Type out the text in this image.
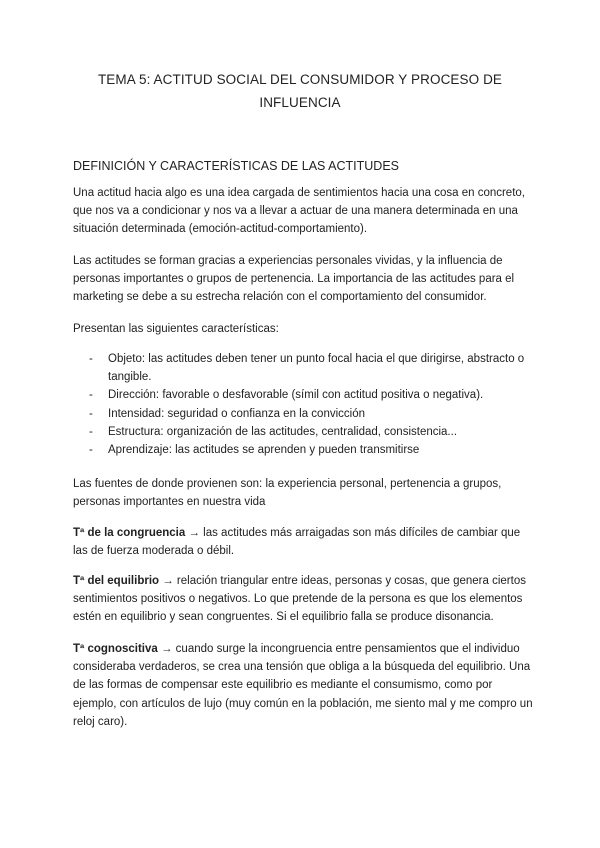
TEMA 5: ACTITUD SOCIAL DEL CONSUMIDOR Y PROCESO DE INFLUENCIA
DEFINICIÓN Y CARACTERÍSTICAS DE LAS ACTITUDES

Una actitud hacia algo es una idea cargada de sentimientos hacia una cosa en concreto, que nos va a condicionar y nos va a llevar a actuar de una manera determinada en una situación determinada (emoción-actitud-comportamiento).

Las actitudes se forman gracias a experiencias personales vividas, y la influencia de personas importantes o grupos de pertenencia. La importancia de las actitudes para el marketing se debe a su estrecha relación con el comportamiento del consumidor.

Presentan las siguientes características:

- Objeto: las actitudes deben tener un punto focal hacia el que dirigirse, abstracto o tangible.
- Dirección: favorable o desfavorable (símil con actitud positiva o negativa).
- Intensidad: seguridad o confianza en la convicción
- Estructura: organización de las actitudes, centralidad, consistencia...
- Aprendizaje: las actitudes se aprenden y pueden transmitirse

Las fuentes de donde provienen son: la experiencia personal, pertenencia a grupos, personas importantes en nuestra vida

Tª de la congruencia → las actitudes más arraigadas son más difíciles de cambiar que las de fuerza moderada o débil.

Tª del equilibrio → relación triangular entre ideas, personas y cosas, que genera ciertos sentimientos positivos o negativos. Lo que pretende de la persona es que los elementos estén en equilibrio y sean congruentes. Si el equilibrio falla se produce disonancia.

Tª cognoscitiva → cuando surge la incongruencia entre pensamientos que el individuo consideraba verdaderos, se crea una tensión que obliga a la búsqueda del equilibrio. Una de las formas de compensar este equilibrio es mediante el consumismo, como por ejemplo, con artículos de lujo (muy común en la población, me siento mal y me compro un reloj caro).
